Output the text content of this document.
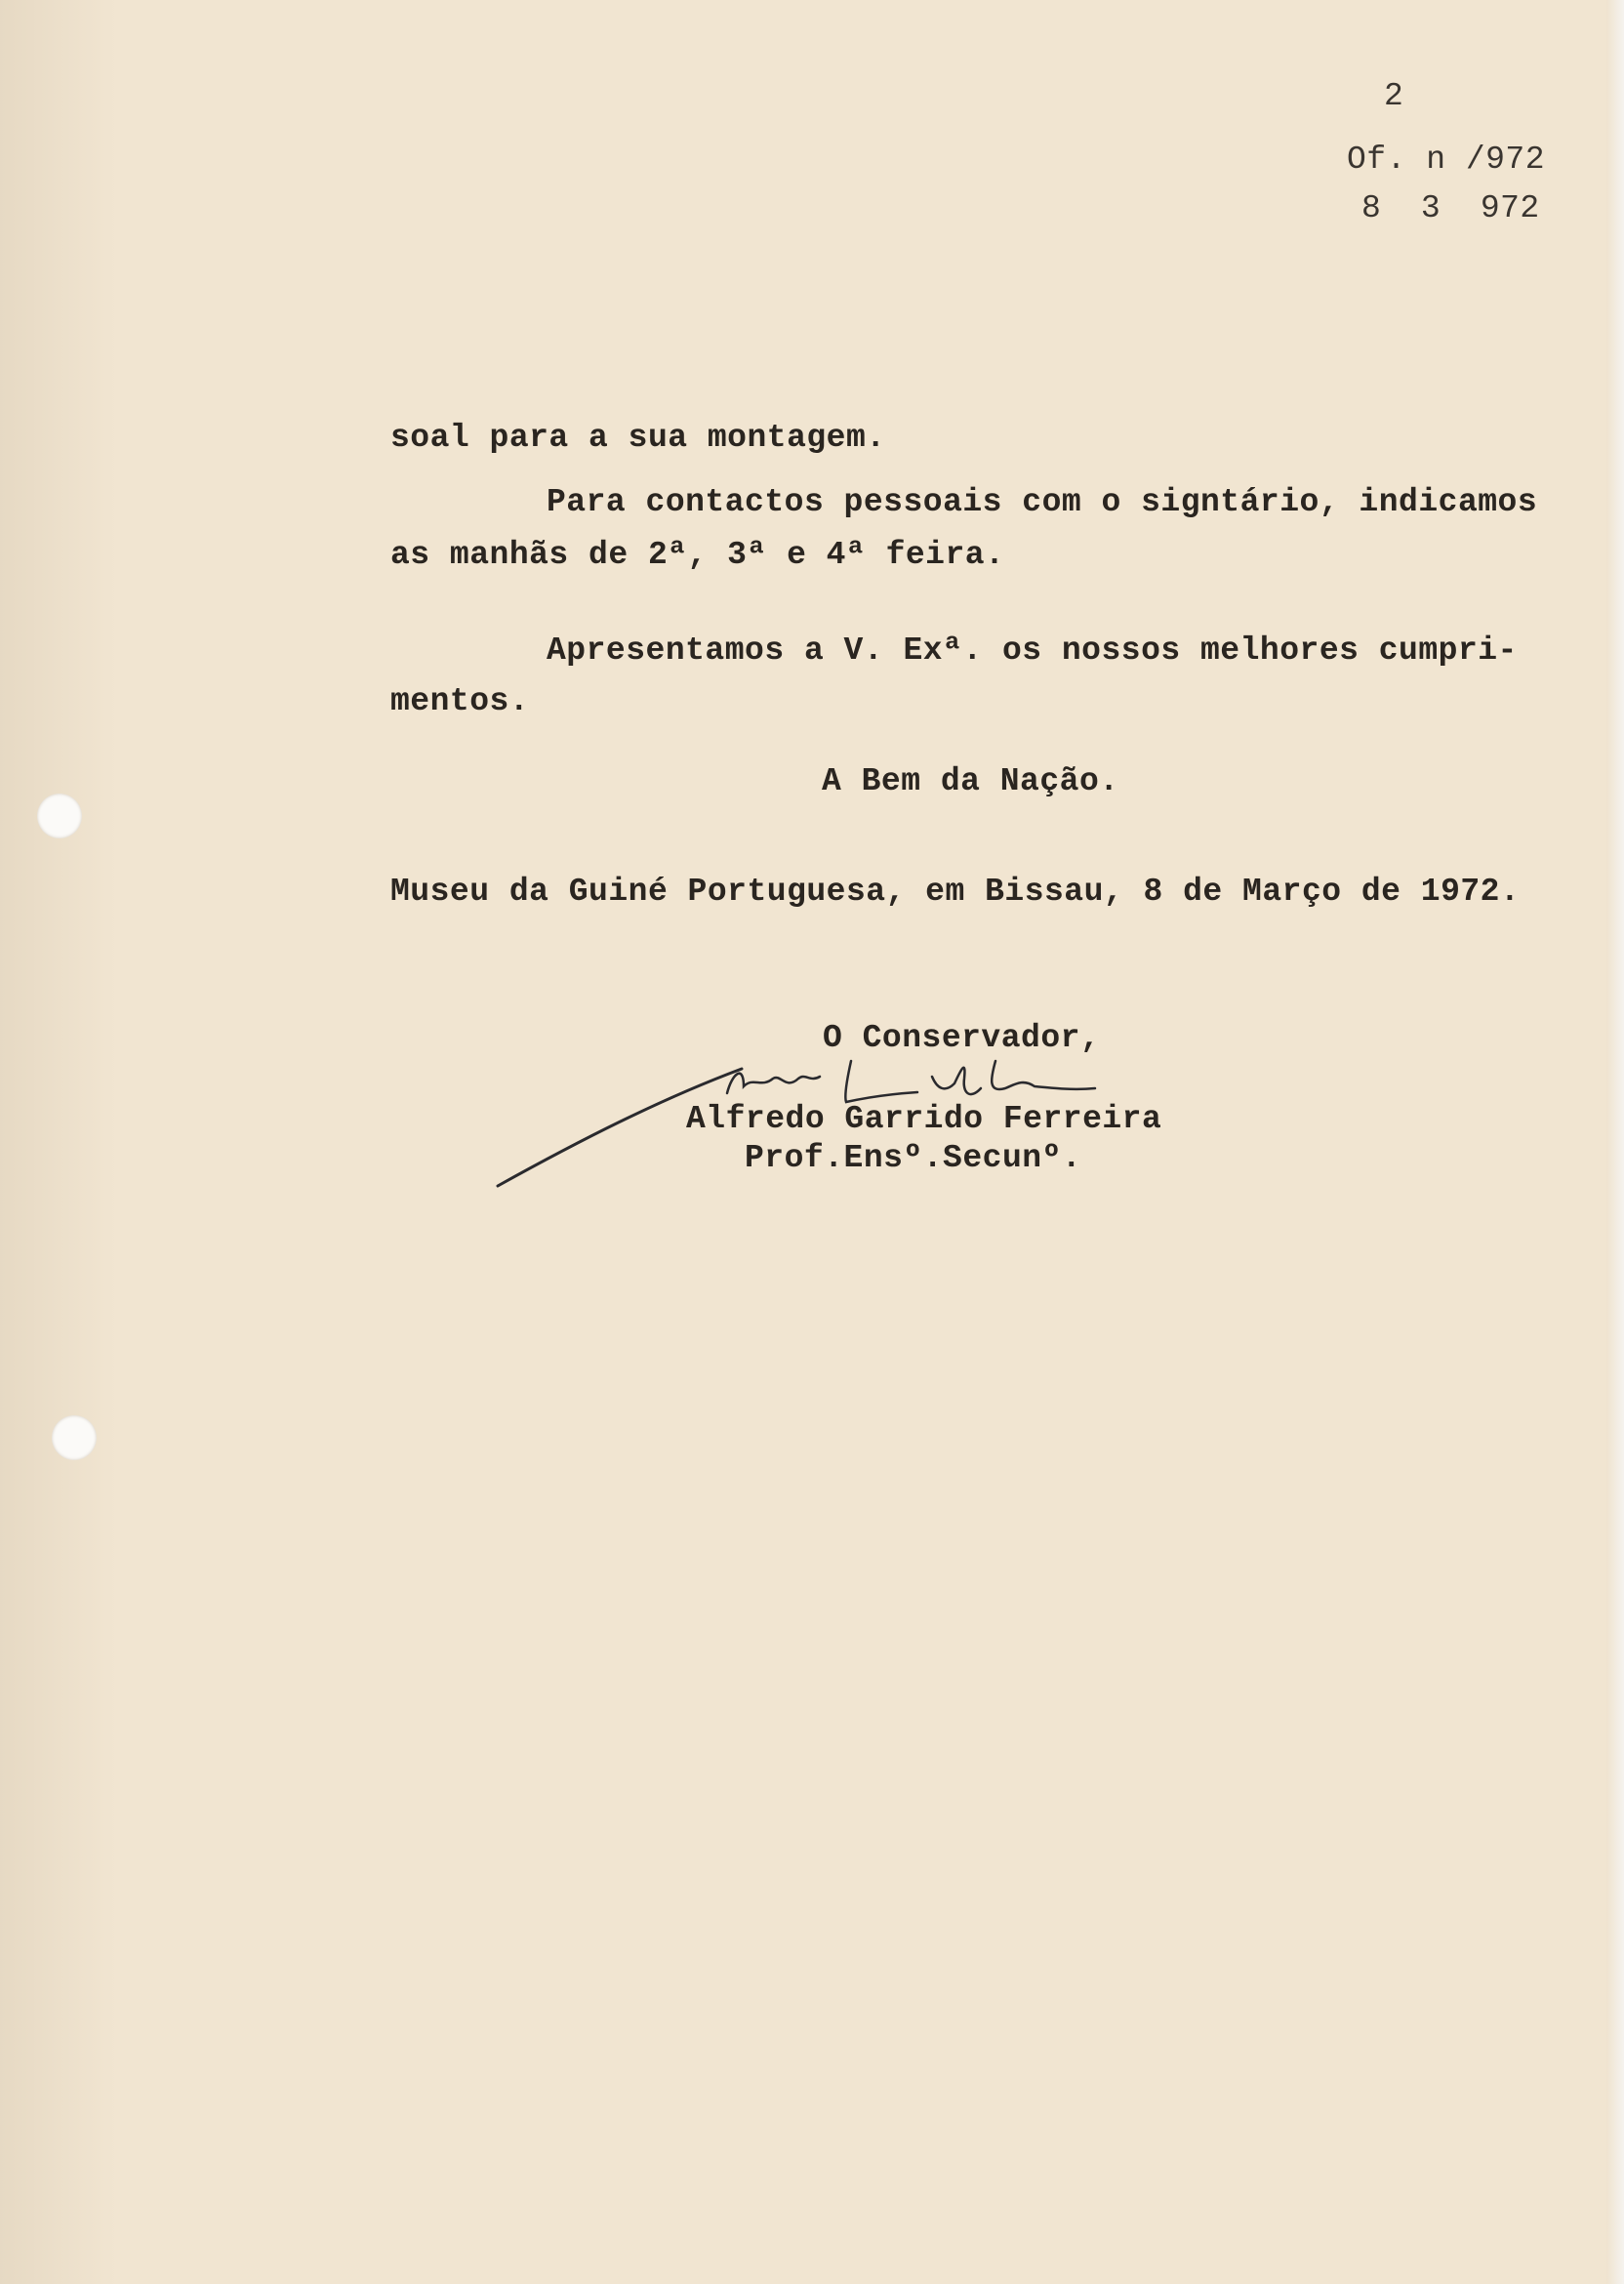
2
Of. n /972
8  3  972
soal para a sua montagem.
Para contactos pessoais com o signtário, indicamos
as manhãs de 2ª, 3ª e 4ª feira.
Apresentamos a V. Exª. os nossos melhores cumpri-
mentos.
A Bem da Nação.
Museu da Guiné Portuguesa, em Bissau, 8 de Março de 1972.
O Conservador,
Alfredo Garrido Ferreira
Prof.Ensº.Secunº.
